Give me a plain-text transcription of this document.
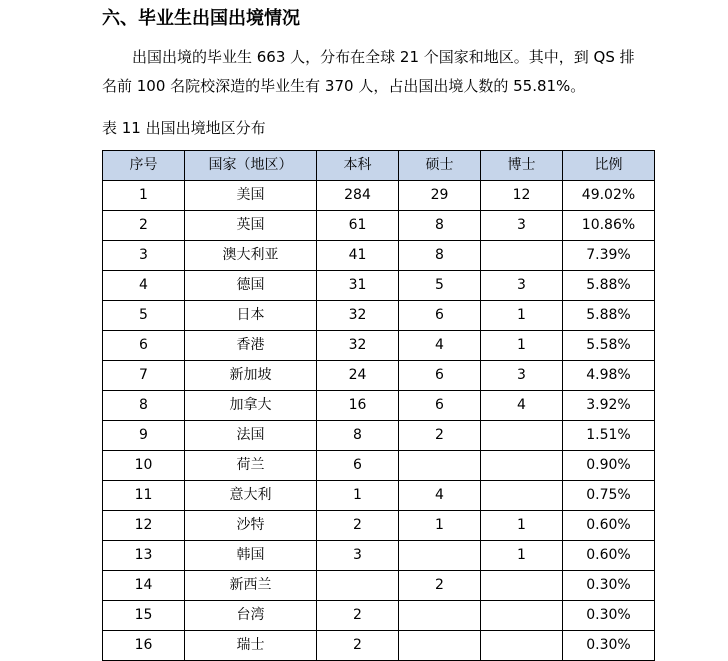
六、毕业生出国出境情况
出国出境的毕业生 663 人，分布在全球 21 个国家和地区。其中，到 QS 排
名前 100 名院校深造的毕业生有 370 人，占出国出境人数的 55.81%。
表 11 出国出境地区分布
序号	国家（地区）	本科	硕士	博士	比例
1	美国	284	29	12	49.02%
2	英国	61	8	3	10.86%
3	澳大利亚	41	8		7.39%
4	德国	31	5	3	5.88%
5	日本	32	6	1	5.88%
6	香港	32	4	1	5.58%
7	新加坡	24	6	3	4.98%
8	加拿大	16	6	4	3.92%
9	法国	8	2		1.51%
10	荷兰	6			0.90%
11	意大利	1	4		0.75%
12	沙特	2	1	1	0.60%
13	韩国	3		1	0.60%
14	新西兰		2		0.30%
15	台湾	2			0.30%
16	瑞士	2			0.30%
